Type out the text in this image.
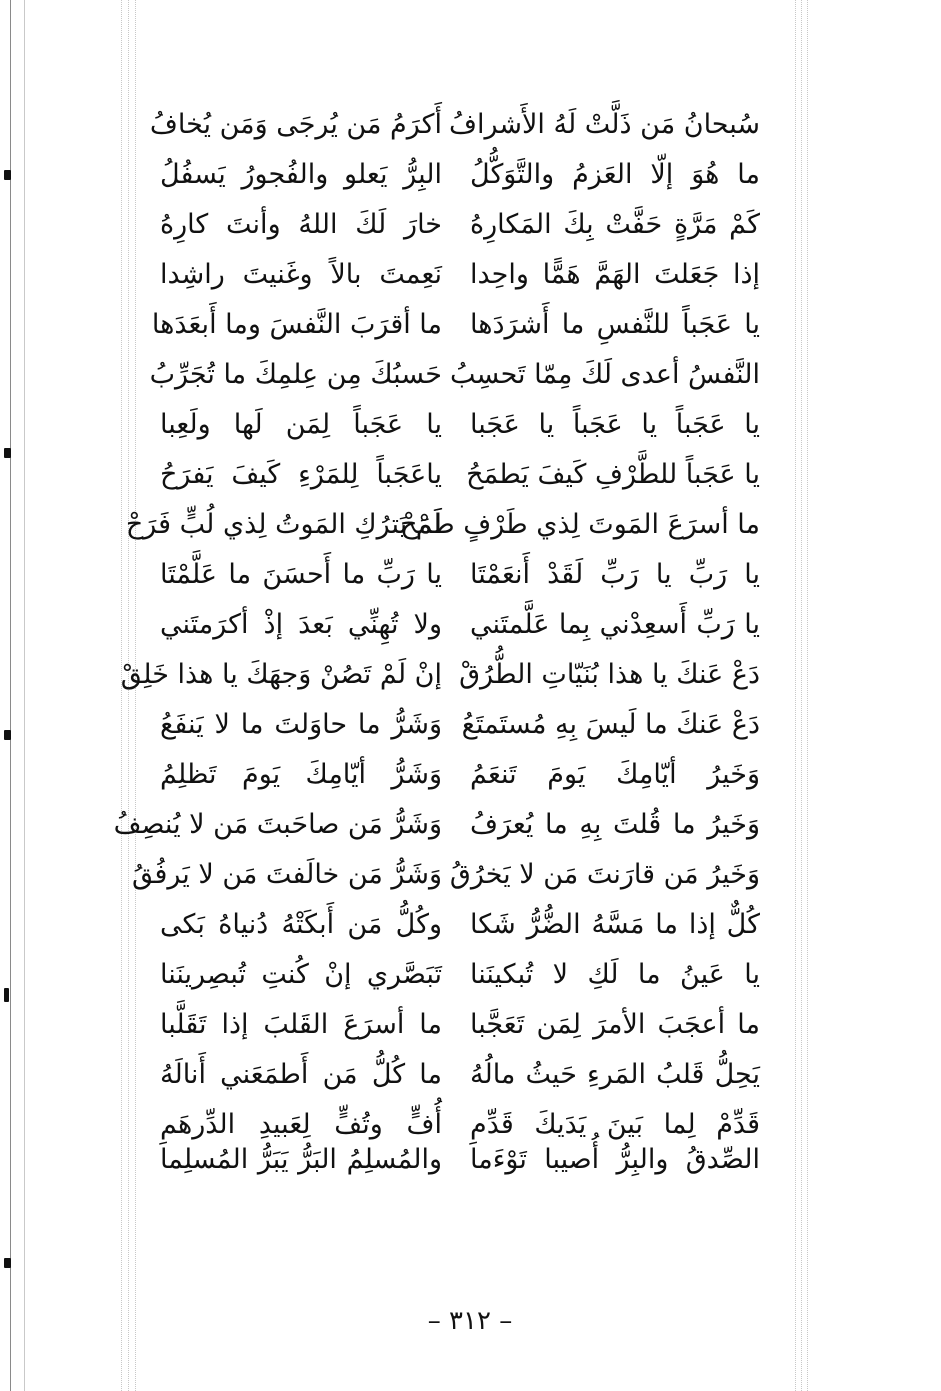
سُبحانُ مَن ذَلَّتْ لَهُ الأَشرافُ
أَكرَمُ مَن يُرجَى وَمَن يُخافُ
ما هُوَ إلّا العَزمُ والتَّوَكُّلُ
البِرُّ يَعلو والفُجورُ يَسفُلُ
كَمْ مَرَّةٍ حَفَّتْ بِكَ المَكارِهُ
خارَ لَكَ اللهُ وأنتَ كارِهُ
إذا جَعَلتَ الهَمَّ هَمًّا واحِدا
نَعِمتَ بالاً وغَنيتَ راشِدا
يا عَجَباً للنَّفسِ ما أَشرَدَها
ما أقرَبَ النَّفسَ وما أَبعَدَها
النَّفسُ أعدى لَكَ مِمّا تَحسِبُ
حَسبُكَ مِن عِلمِكَ ما تُجَرِّبُ
يا عَجَباً يا عَجَباً يا عَجَبا
يا عَجَباً لِمَن لَها ولَعِبا
يا عَجَباً للطَّرْفِ كَيفَ يَطمَحُ
ياعَجَباً لِلمَرْءِ كَيفَ يَفرَحُ
ما أسرَعَ المَوتَ لِذي طَرْفٍ طَمَحْ
لَمْ يَترُكِ المَوتُ لِذي لُبٍّ فَرَحْ
يا رَبِّ يا رَبِّ لَقَدْ أَنعَمْتَا
يا رَبِّ ما أَحسَنَ ما عَلَّمْتَا
يا رَبِّ أَسعِدْني بِما عَلَّمتَني
ولا تُهِنِّي بَعدَ إذْ أكرَمتَني
دَعْ عَنكَ يا هذا بُنَيّاتِ الطُّرُقْ
إنْ لَمْ تَصُنْ وَجهَكَ يا هذا خَلِقْ
دَعْ عَنكَ ما لَيسَ بِهِ مُستَمتَعُ
وَشَرُّ ما حاوَلتَ ما لا يَنفَعُ
وَخَيرُ أيّامِكَ يَومَ تَنعَمُ
وَشَرُّ أيّامِكَ يَومَ تَظلِمُ
وَخَيرُ ما قُلتَ بِهِ ما يُعرَفُ
وَشَرُّ مَن صاحَبتَ مَن لا يُنصِفُ
وَخَيرُ مَن قارَنتَ مَن لا يَخرُقُ
وَشَرُّ مَن خالَفتَ مَن لا يَرفُقُ
كُلٌّ إذا ما مَسَّهُ الضُّرُّ شَكا
وكُلُّ مَن أَبكَتْهُ دُنياهُ بَكى
يا عَينُ ما لَكِ لا تُبكينَنا
تَبَصَّري إنْ كُنتِ تُبصِرينَنا
ما أعجَبَ الأمرَ لِمَن تَعَجَّبا
ما أسرَعَ القَلبَ إذا تَقَلَّبا
يَحِلُّ قَلبُ المَرءِ حَيثُ مالُهُ
ما كُلُّ مَن أَطمَعَني أَنالَهُ
قَدِّمْ لِما بَينَ يَدَيكَ قَدِّمِ
أُفٍّ وتُفٍّ لِعَبيدِ الدِّرهَمِ
الصِّدقُ والبِرُّ أُصيبا تَوْءَما
والمُسلِمُ البَرُّ يَبَرُّ المُسلِما
– ٣١٢ –
